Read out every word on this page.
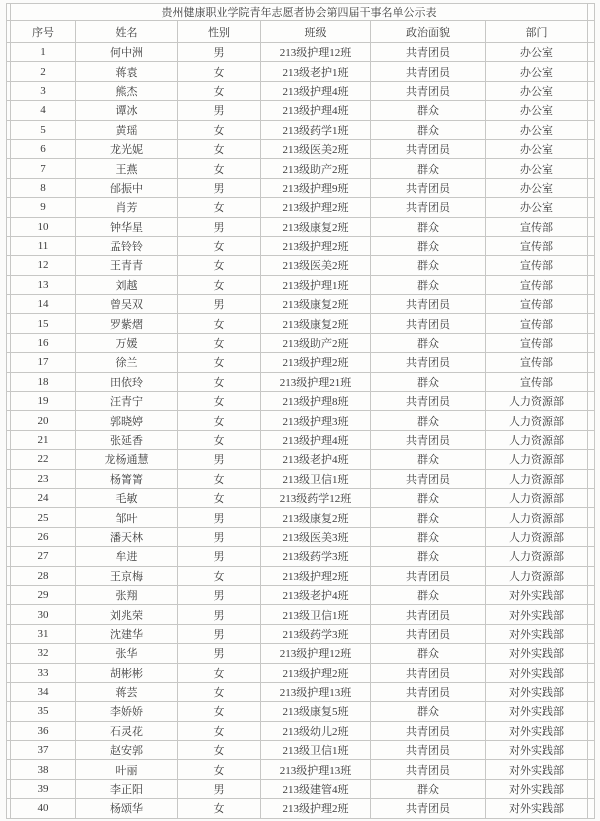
	贵州健康职业学院青年志愿者协会第四届干事名单公示表						
	序号	姓名	性别	班级	政治面貌	部门	
	1	何中洲	男	213级护理12班	共青团员	办公室	
	2	蒋袁	女	213级老护1班	共青团员	办公室	
	3	熊杰	女	213级护理4班	共青团员	办公室	
	4	谭冰	男	213级护理4班	群众	办公室	
	5	黄瑶	女	213级药学1班	群众	办公室	
	6	龙光妮	女	213级医美2班	共青团员	办公室	
	7	王燕	女	213级助产2班	群众	办公室	
	8	邰振中	男	213级护理9班	共青团员	办公室	
	9	肖芳	女	213级护理2班	共青团员	办公室	
	10	钟华星	男	213级康复2班	群众	宣传部	
	11	孟铃铃	女	213级护理2班	群众	宣传部	
	12	王青青	女	213级医美2班	群众	宣传部	
	13	刘越	女	213级护理1班	群众	宣传部	
	14	曾吴双	男	213级康复2班	共青团员	宣传部	
	15	罗紫熠	女	213级康复2班	共青团员	宣传部	
	16	万媛	女	213级助产2班	群众	宣传部	
	17	徐兰	女	213级护理2班	共青团员	宣传部	
	18	田依玲	女	213级护理21班	群众	宣传部	
	19	汪青宁	女	213级护理8班	共青团员	人力资源部	
	20	郭晓婷	女	213级护理3班	群众	人力资源部	
	21	张延香	女	213级护理4班	共青团员	人力资源部	
	22	龙杨通慧	男	213级老护4班	群众	人力资源部	
	23	杨箐箐	女	213级卫信1班	共青团员	人力资源部	
	24	毛敏	女	213级药学12班	群众	人力资源部	
	25	邹叶	男	213级康复2班	群众	人力资源部	
	26	潘天林	男	213级医美3班	群众	人力资源部	
	27	牟进	男	213级药学3班	群众	人力资源部	
	28	王京梅	女	213级护理2班	共青团员	人力资源部	
	29	张翔	男	213级老护4班	群众	对外实践部	
	30	刘兆荣	男	213级卫信1班	共青团员	对外实践部	
	31	沈建华	男	213级药学3班	共青团员	对外实践部	
	32	张华	男	213级护理12班	群众	对外实践部	
	33	胡彬彬	女	213级护理2班	共青团员	对外实践部	
	34	蒋芸	女	213级护理13班	共青团员	对外实践部	
	35	李娇娇	女	213级康复5班	群众	对外实践部	
	36	石灵花	女	213级幼儿2班	共青团员	对外实践部	
	37	赵安郭	女	213级卫信1班	共青团员	对外实践部	
	38	叶丽	女	213级护理13班	共青团员	对外实践部	
	39	李正阳	男	213级建管4班	群众	对外实践部	
	40	杨颂华	女	213级护理2班	共青团员	对外实践部	
